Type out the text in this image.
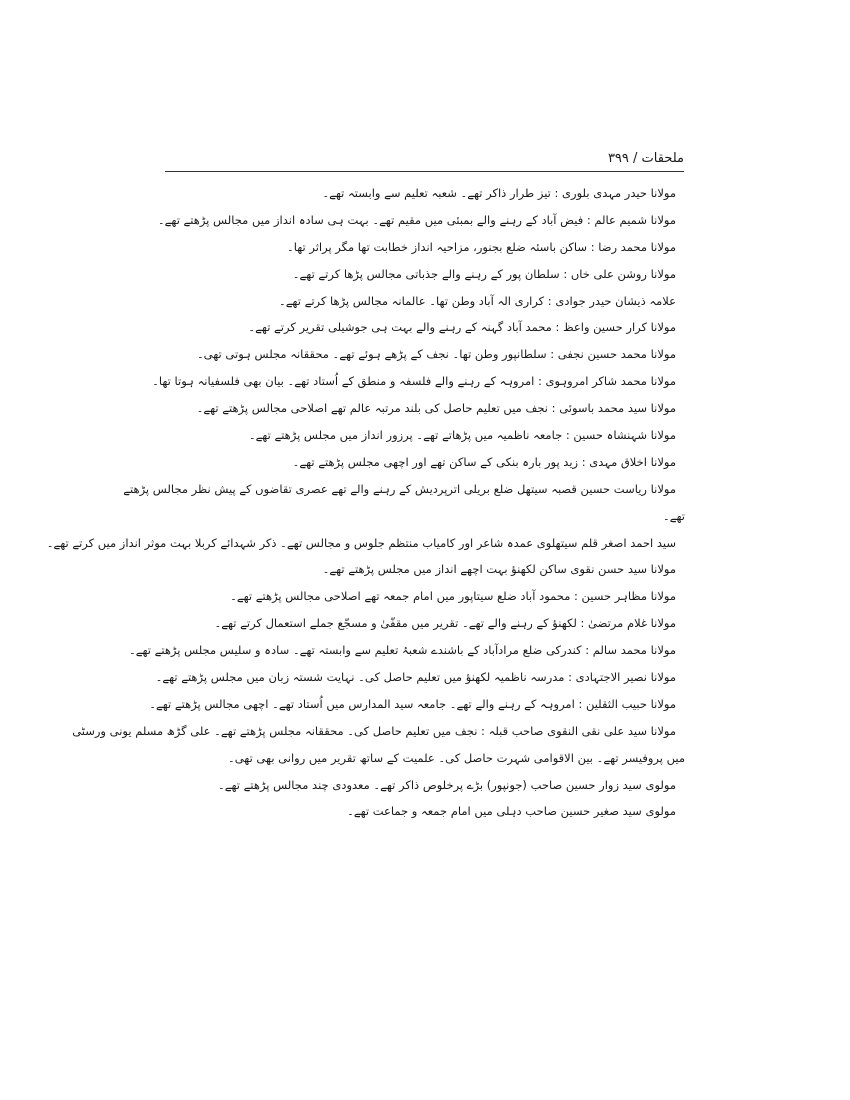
ملحقات / ۳۹۹
مولانا حیدر مہدی بلوری : تیز طرار ذاکر تھے۔ شعبہ تعلیم سے وابستہ تھے۔
مولانا شمیم عالم : فیض آباد کے رہنے والے بمبئی میں مقیم تھے۔ بہت ہی سادہ انداز میں مجالس پڑھتے تھے۔
مولانا محمد رضا : ساکن باسئہ ضلع بجنور، مزاحیہ انداز خطابت تھا مگر پراثر تھا۔
مولانا روشن علی خاں : سلطان پور کے رہنے والے جذباتی مجالس پڑھا کرتے تھے۔
علامہ ذیشان حیدر جوادی : کراری الہ آباد وطن تھا۔ عالمانہ مجالس پڑھا کرتے تھے۔
مولانا کرار حسین واعظ : محمد آباد گہنہ کے رہنے والے بہت ہی جوشیلی تقریر کرتے تھے۔
مولانا محمد حسین نجفی : سلطانپور وطن تھا۔ نجف کے پڑھے ہوئے تھے۔ محققانہ مجلس ہوتی تھی۔
مولانا محمد شاکر امروہوی : امروہہ کے رہنے والے فلسفہ و منطق کے اُستاد تھے۔ بیان بھی فلسفیانہ ہوتا تھا۔
مولانا سید محمد باسوئی : نجف میں تعلیم حاصل کی بلند مرتبہ عالم تھے اصلاحی مجالس پڑھتے تھے۔
مولانا شہنشاہ حسین : جامعہ ناظمیہ میں پڑھاتے تھے۔ پرزور انداز میں مجلس پڑھتے تھے۔
مولانا اخلاق مہدی : زید پور بارہ بنکی کے ساکن تھے اور اچھی مجلس پڑھتے تھے۔
مولانا ریاست حسین قصبہ سیتھل ضلع بریلی اترپردیش کے رہنے والے تھے عصری تقاضوں کے پیش نظر مجالس پڑھتے
تھے۔
سید احمد اصغر قلم سیتھلوی عمدہ شاعر اور کامیاب منتظم جلوس و مجالس تھے۔ ذکر شہدائے کربلا بہت موثر انداز میں کرتے تھے۔
مولانا سید حسن نقوی ساکن لکھنؤ بہت اچھے انداز میں مجلس پڑھتے تھے۔
مولانا مظاہر حسین : محمود آباد ضلع سیتاپور میں امام جمعہ تھے اصلاحی مجالس پڑھتے تھے۔
مولانا غلام مرتضیٰ : لکھنؤ کے رہنے والے تھے۔ تقریر میں مقفّیٰ و مسجّع جملے استعمال کرتے تھے۔
مولانا محمد سالم : کندرکی ضلع مرادآباد کے باشندے شعبۂ تعلیم سے وابستہ تھے۔ سادہ و سلیس مجلس پڑھتے تھے۔
مولانا نصیر الاجتہادی : مدرسہ ناظمیہ لکھنؤ میں تعلیم حاصل کی۔ نہایت شستہ زبان میں مجلس پڑھتے تھے۔
مولانا حبیب الثقلین : امروہہ کے رہنے والے تھے۔ جامعہ سید المدارس میں اُستاد تھے۔ اچھی مجالس پڑھتے تھے۔
مولانا سید علی نقی النقوی صاحب قبلہ : نجف میں تعلیم حاصل کی۔ محققانہ مجلس پڑھتے تھے۔ علی گڑھ مسلم یونی ورسٹی
میں پروفیسر تھے۔ بین الاقوامی شہرت حاصل کی۔ علمیت کے ساتھ تقریر میں روانی بھی تھی۔
مولوی سید زوار حسین صاحب (جونپور) بڑے پرخلوص ذاکر تھے۔ معدودی چند مجالس پڑھتے تھے۔
مولوی سید صغیر حسین صاحب دہلی میں امام جمعہ و جماعت تھے۔
